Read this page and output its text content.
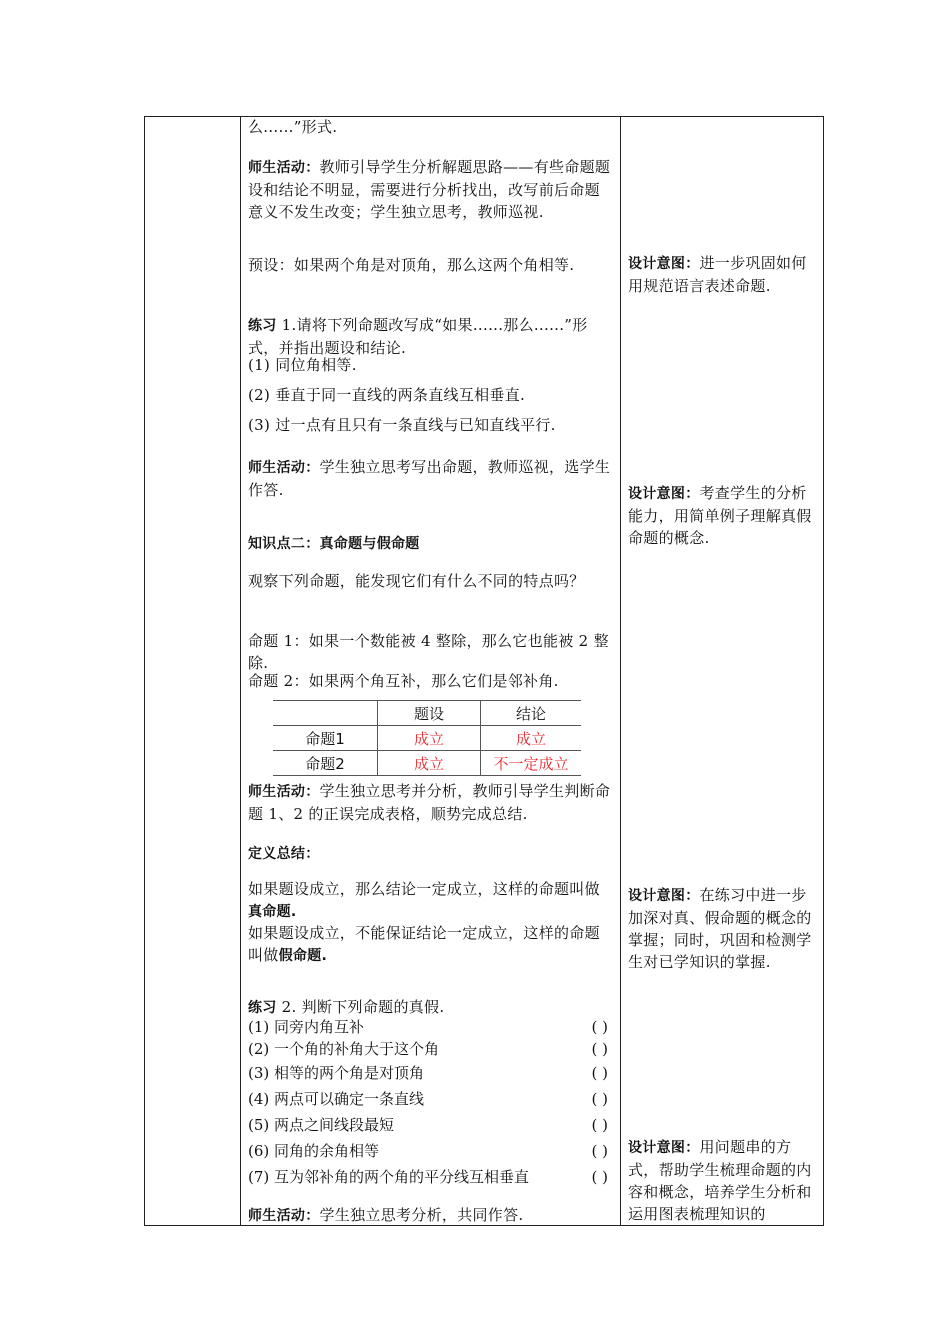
么......”形式.
师生活动：教师引导学生分析解题思路——有些命题题设和结论不明显，需要进行分析找出，改写前后命题意义不发生改变；学生独立思考，教师巡视.
预设：如果两个角是对顶角，那么这两个角相等.
练习 1.请将下列命题改写成“如果......那么......”形式，并指出题设和结论.
(1) 同位角相等.
(2) 垂直于同一直线的两条直线互相垂直.
(3) 过一点有且只有一条直线与已知直线平行.
师生活动：学生独立思考写出命题，教师巡视，选学生作答.
知识点二：真命题与假命题
观察下列命题，能发现它们有什么不同的特点吗？
命题 1：如果一个数能被 4 整除，那么它也能被 2 整除.
命题 2：如果两个角互补，那么它们是邻补角.
	题设	结论
命题1	成立	成立
命题2	成立	不一定成立
师生活动：学生独立思考并分析，教师引导学生判断命题 1、2 的正误完成表格，顺势完成总结.
定义总结：
如果题设成立，那么结论一定成立，这样的命题叫做真命题.
如果题设成立，不能保证结论一定成立，这样的命题叫做假命题.
练习 2. 判断下列命题的真假.
(1) 同旁内角互补	( )
(2) 一个角的补角大于这个角	( )
(3) 相等的两个角是对顶角	( )
(4) 两点可以确定一条直线	( )
(5) 两点之间线段最短	( )
(6) 同角的余角相等	( )
(7) 互为邻补角的两个角的平分线互相垂直	( )
师生活动：学生独立思考分析，共同作答.
设计意图：进一步巩固如何用规范语言表述命题.
设计意图：考查学生的分析能力，用简单例子理解真假命题的概念.
设计意图：在练习中进一步加深对真、假命题的概念的掌握；同时，巩固和检测学生对已学知识的掌握.
设计意图：用问题串的方式，帮助学生梳理命题的内容和概念，培养学生分析和运用图表梳理知识的
